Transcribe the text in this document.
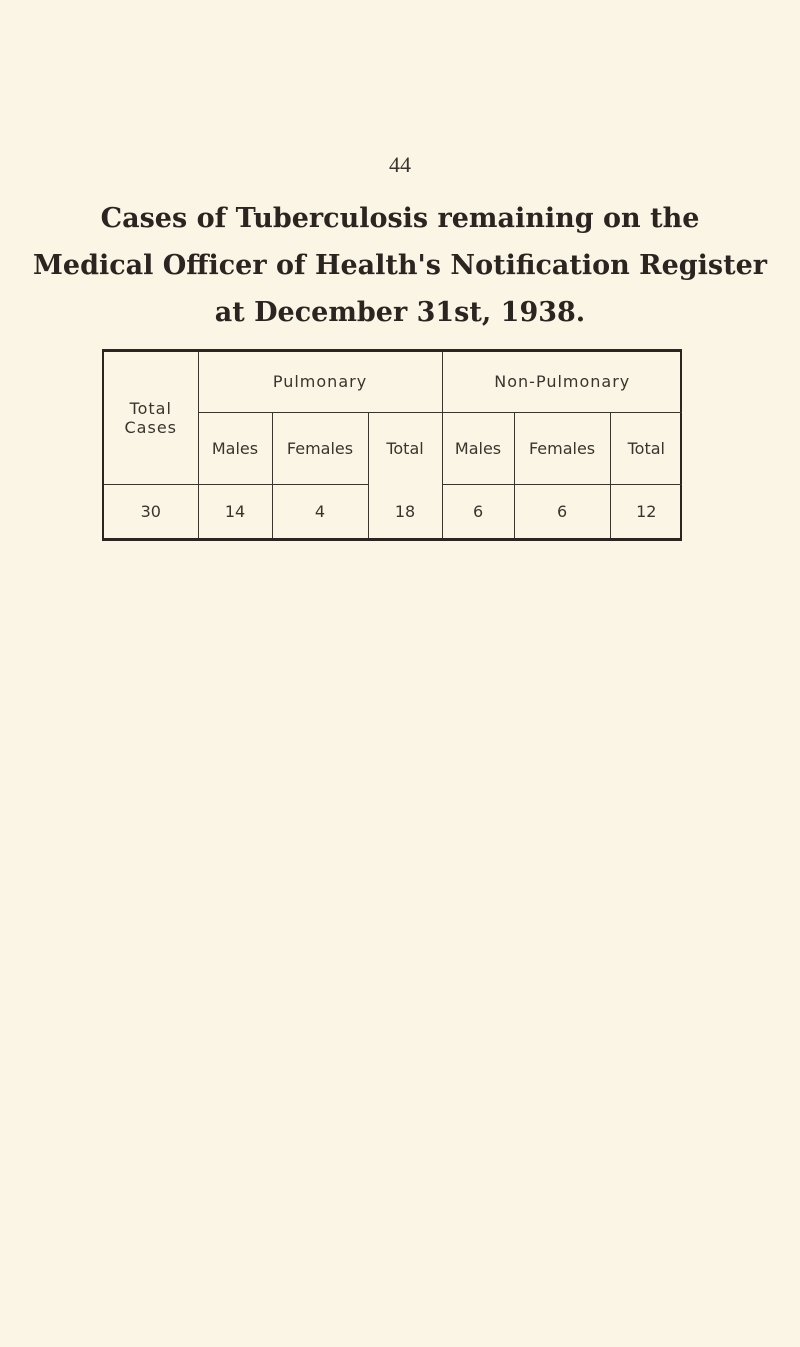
44
Cases of Tuberculosis remaining on the
Medical Officer of Health's Notification Register
at December 31st, 1938.
Total
Cases	Pulmonary			Non-Pulmonary		
	Males	Females	Total	Males	Females	Total
30	14	4	18	6	6	12
